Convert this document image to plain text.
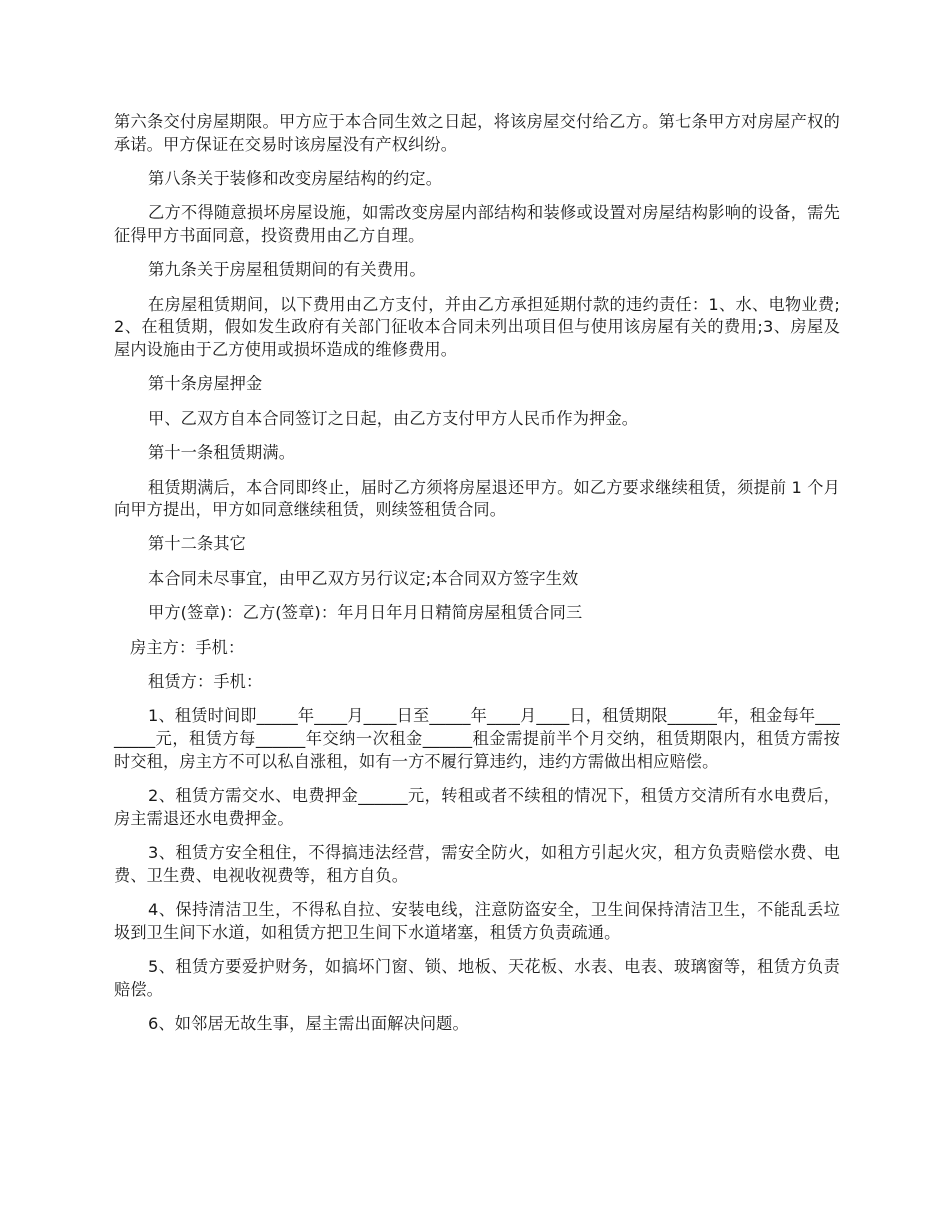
第六条交付房屋期限。甲方应于本合同生效之日起，将该房屋交付给乙方。第七条甲方对房屋产权的承诺。甲方保证在交易时该房屋没有产权纠纷。

第八条关于装修和改变房屋结构的约定。

乙方不得随意损坏房屋设施，如需改变房屋内部结构和装修或设置对房屋结构影响的设备，需先征得甲方书面同意，投资费用由乙方自理。

第九条关于房屋租赁期间的有关费用。

在房屋租赁期间，以下费用由乙方支付，并由乙方承担延期付款的违约责任：1、水、电物业费;2、在租赁期，假如发生政府有关部门征收本合同未列出项目但与使用该房屋有关的费用;3、房屋及屋内设施由于乙方使用或损坏造成的维修费用。

第十条房屋押金

甲、乙双方自本合同签订之日起，由乙方支付甲方人民币作为押金。

第十一条租赁期满。

租赁期满后，本合同即终止，届时乙方须将房屋退还甲方。如乙方要求继续租赁，须提前 1 个月向甲方提出，甲方如同意继续租赁，则续签租赁合同。

第十二条其它

本合同未尽事宜，由甲乙双方另行议定;本合同双方签字生效

甲方(签章)：乙方(签章)：年月日年月日精简房屋租赁合同三

房主方：手机：

租赁方：手机：

1、租赁时间即_____年____月____日至_____年____月____日，租赁期限______年，租金每年________元，租赁方每______年交纳一次租金______租金需提前半个月交纳，租赁期限内，租赁方需按时交租，房主方不可以私自涨租，如有一方不履行算违约，违约方需做出相应赔偿。

2、租赁方需交水、电费押金______元，转租或者不续租的情况下，租赁方交清所有水电费后，房主需退还水电费押金。

3、租赁方安全租住，不得搞违法经营，需安全防火，如租方引起火灾，租方负责赔偿水费、电费、卫生费、电视收视费等，租方自负。

4、保持清洁卫生，不得私自拉、安装电线，注意防盗安全，卫生间保持清洁卫生，不能乱丢垃圾到卫生间下水道，如租赁方把卫生间下水道堵塞，租赁方负责疏通。

5、租赁方要爱护财务，如搞坏门窗、锁、地板、天花板、水表、电表、玻璃窗等，租赁方负责赔偿。

6、如邻居无故生事，屋主需出面解决问题。
